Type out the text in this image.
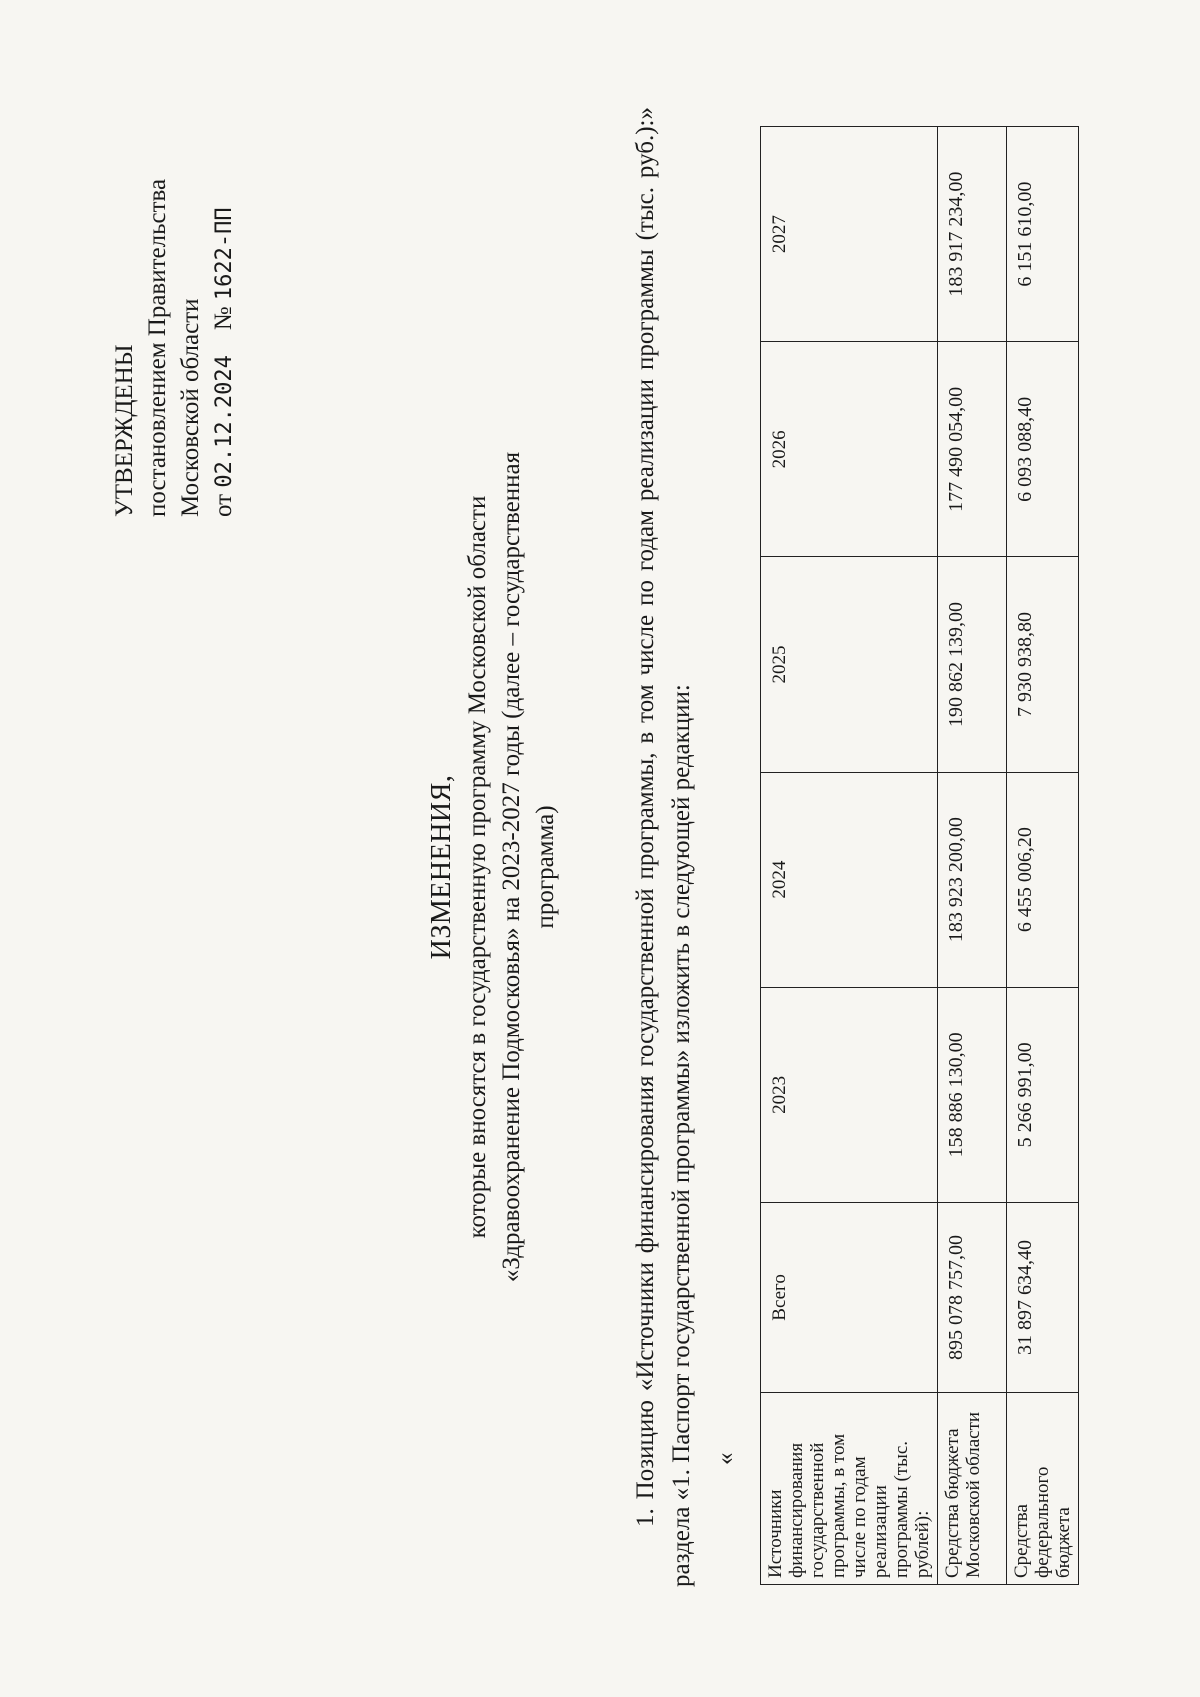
УТВЕРЖДЕНЫ постановлением Правительства Московской области от 02.12.2024    № 1622-ПП
ИЗМЕНЕНИЯ, которые вносятся в государственную программу Московской области «Здравоохранение Подмосковья» на 2023-2027 годы (далее – государственная программа)	1. Позицию «Источники финансирования государственной программы, в том числе по годам реализации программы (тыс. руб.):» раздела «1. Паспорт государственной программы» изложить в следующей редакции: «
Источники финансирования государственной программы, в том числе по годам реализации программы (тыс. рублей):	Всего	2023	2024	2025	2026	2027
Средства бюджета Московской области	895 078 757,00	158 886 130,00	183 923 200,00	190 862 139,00	177 490 054,00	183 917 234,00
Средства федерального бюджета	31 897 634,40	5 266 991,00	6 455 006,20	7 930 938,80	6 093 088,40	6 151 610,00
